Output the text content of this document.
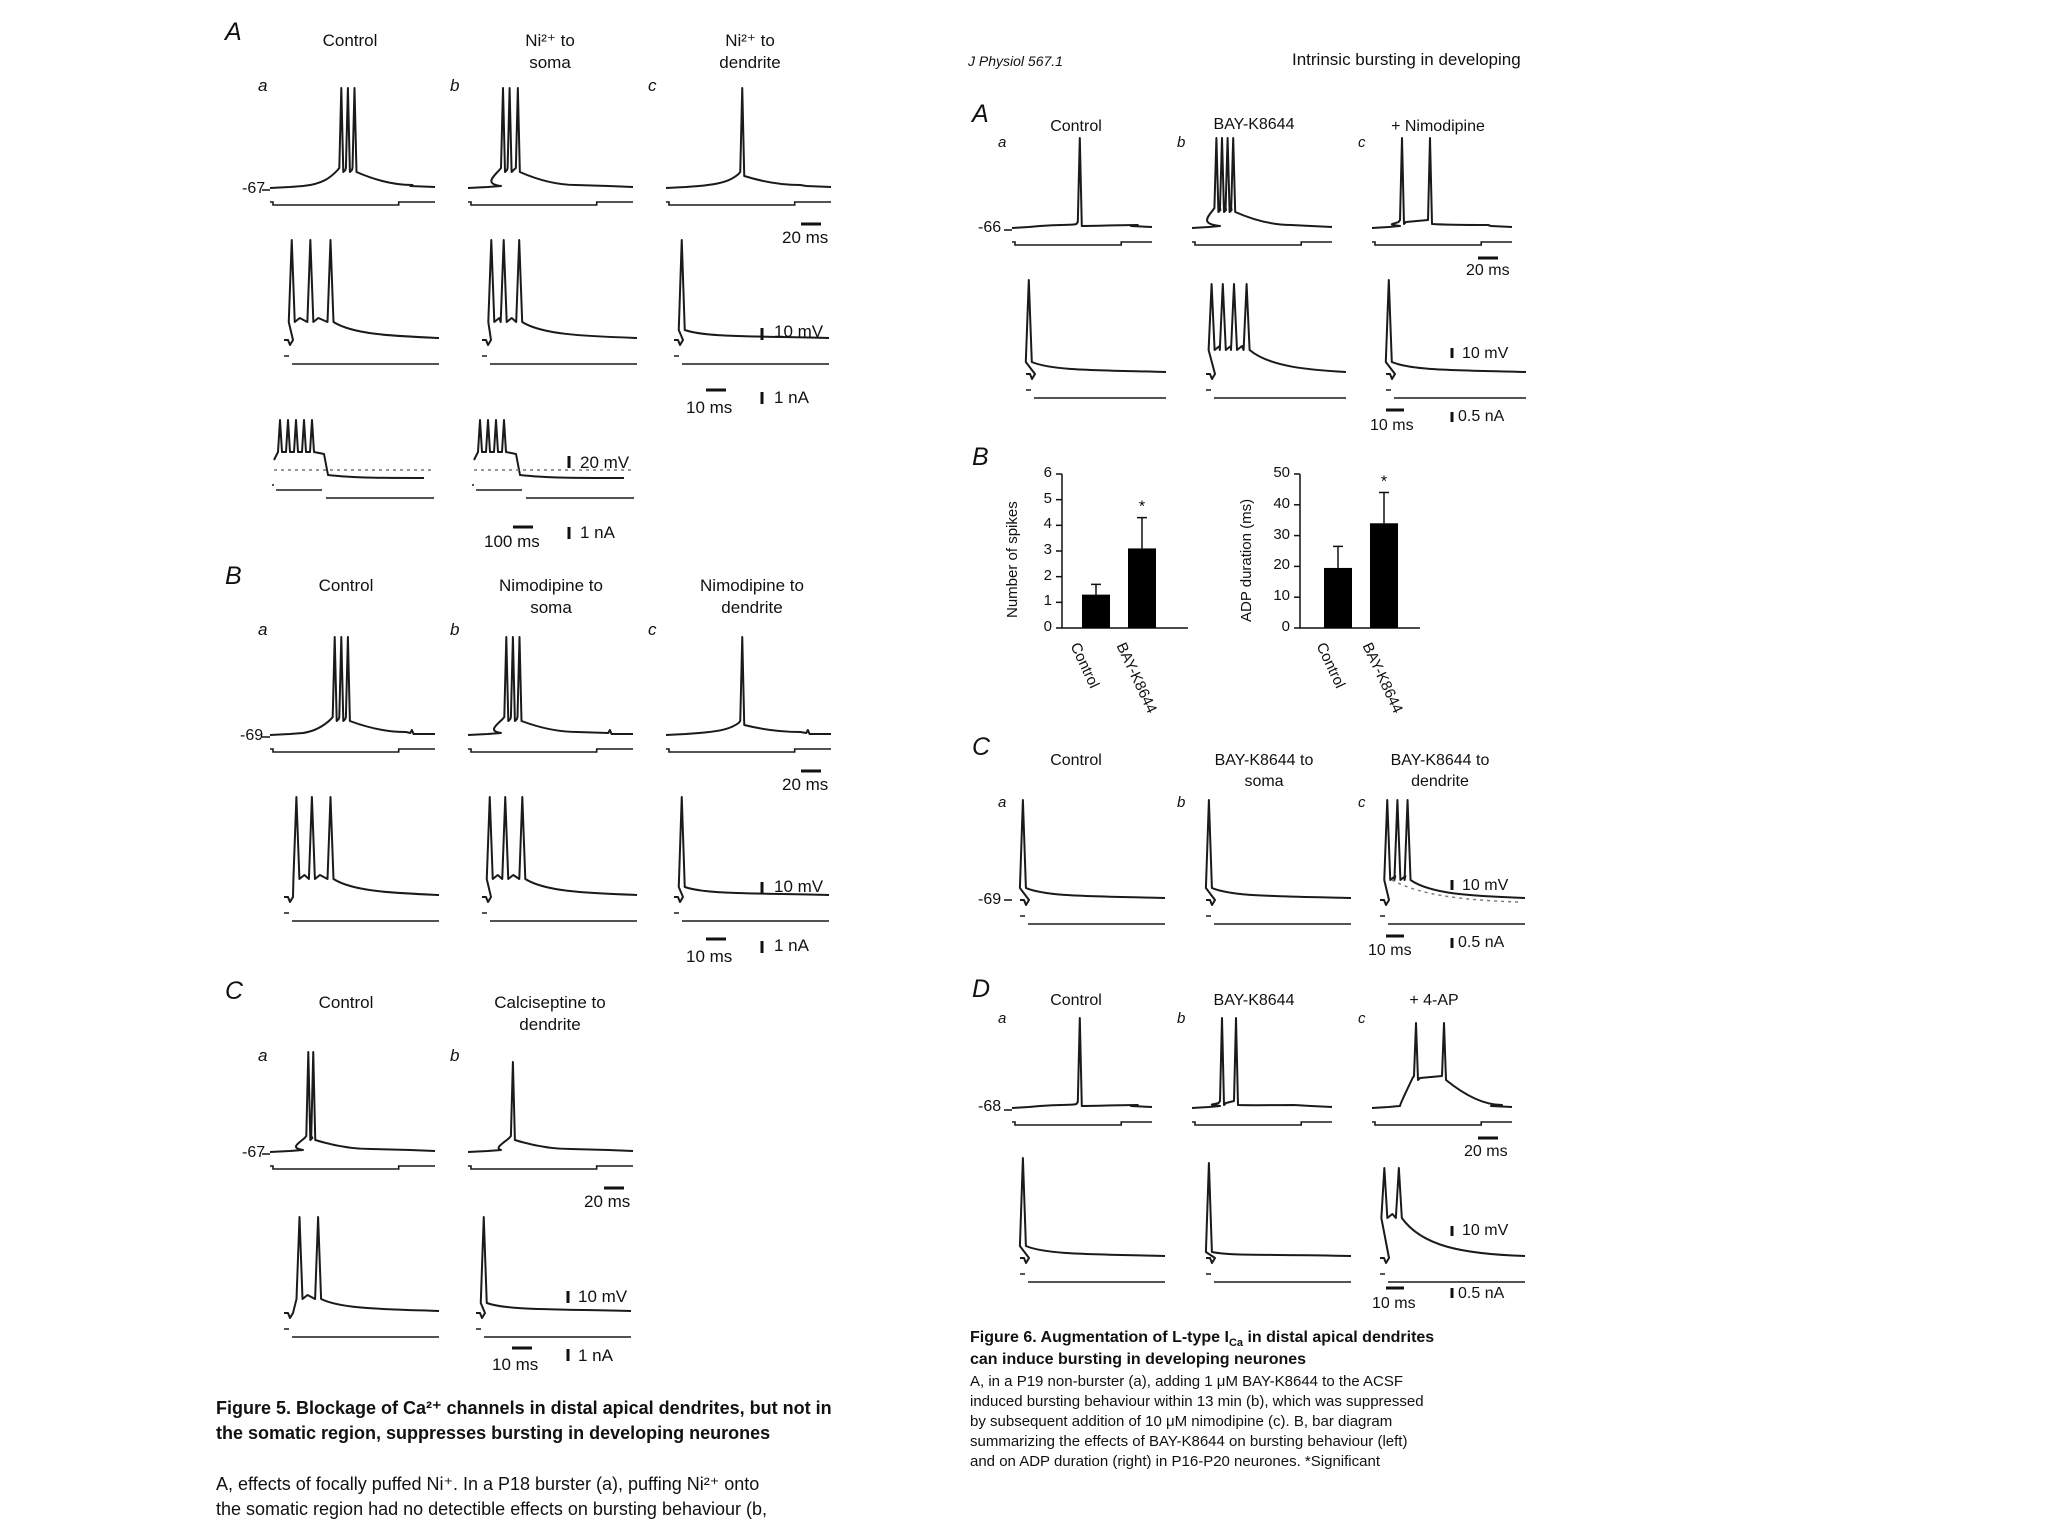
*
*
A	Control	Ni²⁺ to soma
Ni²⁺ to dendrite
a	b	c
-67
20 ms
10 mV
10 ms
1 nA
20 mV
100 ms 1 nA
B	Control	Nimodipine to soma
Nimodipine to dendrite
a	b	c
-69
20 ms
10 mV
10 ms
1 nA
C	Control	Calciseptine to dendrite
a	b
-67
20 ms
10 mV
10 ms 1 nA
Figure 5. Blockage of Ca²⁺ channels in distal apical dendrites, but not in the somatic region, suppresses bursting in developing neurones
A, effects of focally puffed Ni⁺. In a P18 burster (a), puffing Ni²⁺ onto
the somatic region had no detectible effects on bursting behaviour (b,
J Physiol 567.1	Intrinsic bursting in developing
A	Control	BAY-K8644	+ Nimodipine
a	b	c
-66
20 ms
10 mV
10 ms
0.5 nA
B
Number of spikes	ADP duration (ms)
0
1
2
3
4
5
6
0
10
20
30
40
50
Control BAY-K8644	Control BAY-K8644
C	Control	BAY-K8644 to soma
BAY-K8644 to dendrite
a	b	c
-69
10 mV
10 ms	0.5 nA
D	Control	BAY-K8644	+ 4-AP
a	b	c
-68
20 ms
10 mV
10 ms
0.5 nA
Figure 6. Augmentation of L-type $I_{Ca}$ in distal apical dendrites
can induce bursting in developing neurones
A, in a P19 non-burster (a), adding 1 μM BAY-K8644 to the ACSF
induced bursting behaviour within 13 min (b), which was suppressed
by subsequent addition of 10 μM nimodipine (c). B, bar diagram
summarizing the effects of BAY-K8644 on bursting behaviour (left)
and on ADP duration (right) in P16-P20 neurones. *Significant
